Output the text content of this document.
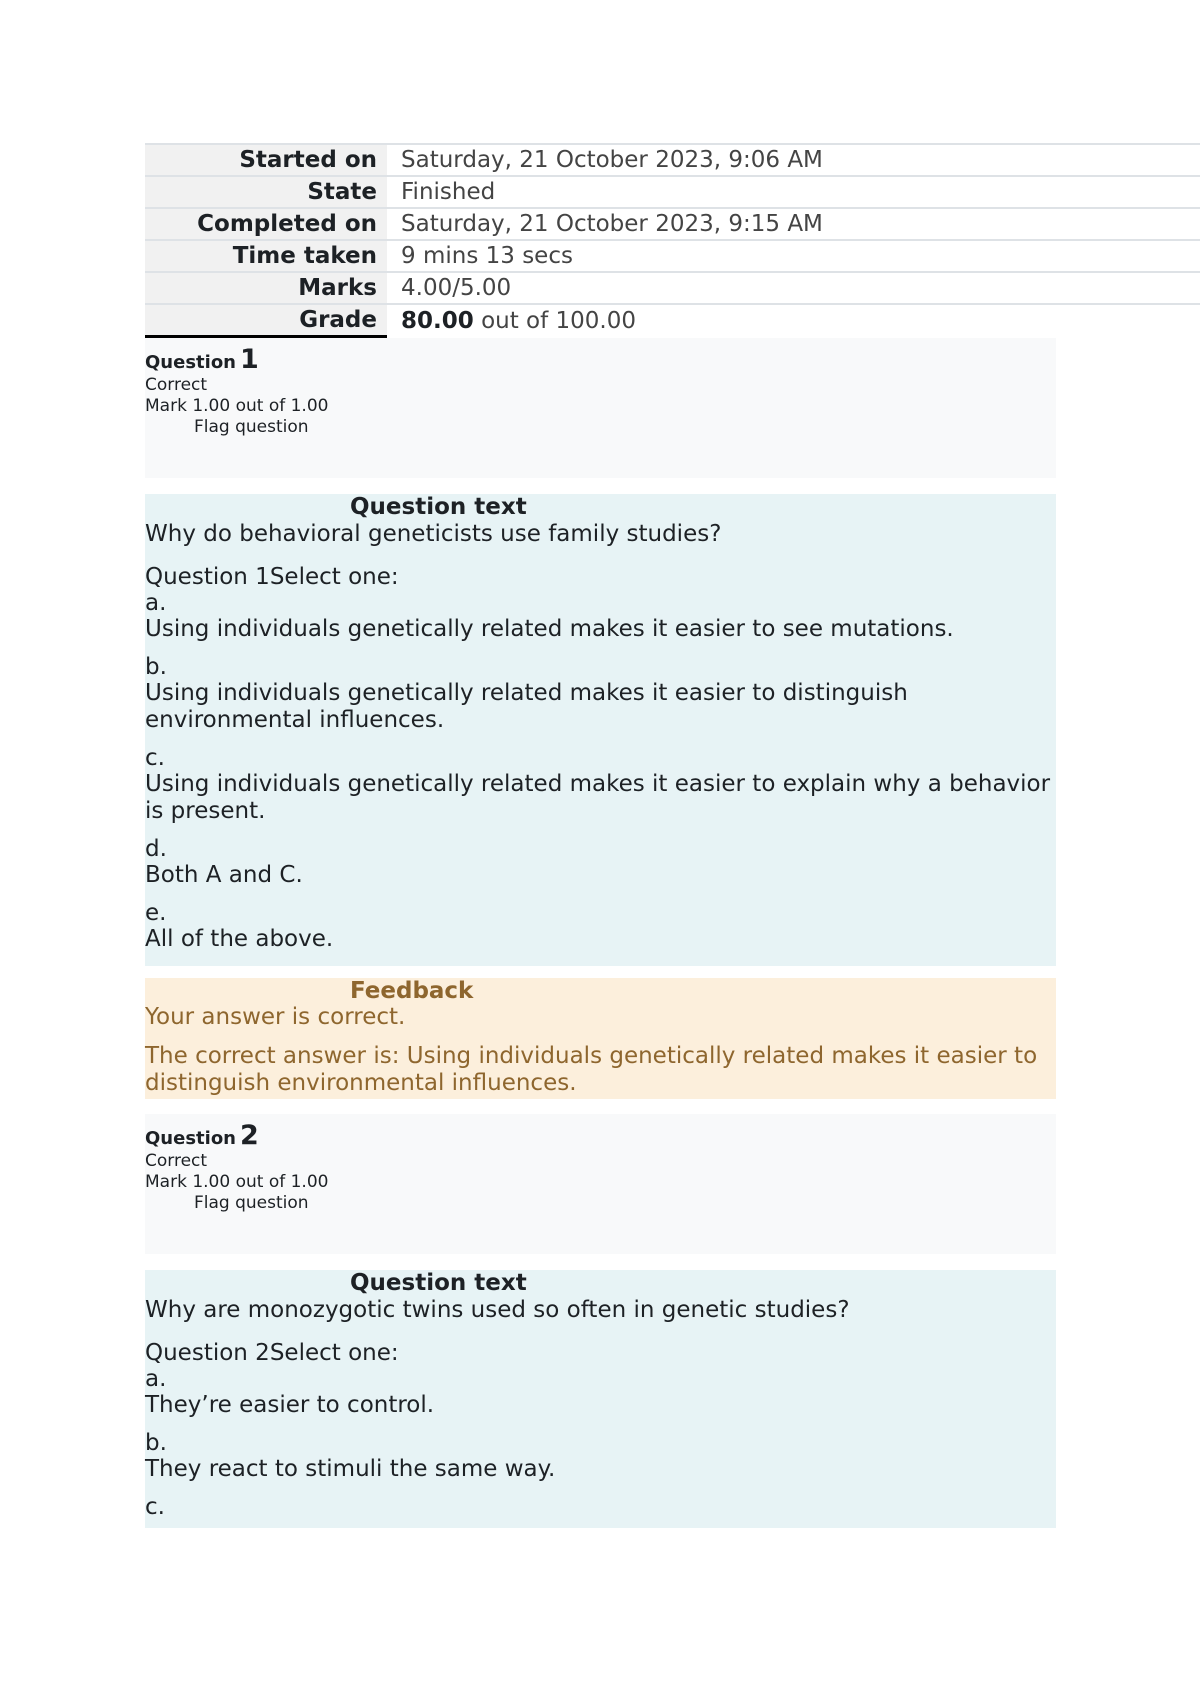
Started on	Saturday, 21 October 2023, 9:06 AM
State	Finished
Completed on	Saturday, 21 October 2023, 9:15 AM
Time taken	9 mins 13 secs
Marks	4.00/5.00
Grade	80.00 out of 100.00
Question 1
Correct
Mark 1.00 out of 1.00
Flag question
Question text
Why do behavioral geneticists use family studies?
Question 1Select one:
a.
Using individuals genetically related makes it easier to see mutations.
b.
Using individuals genetically related makes it easier to distinguish environmental influences.
c.
Using individuals genetically related makes it easier to explain why a behavior is present.
d.
Both A and C.
e.
All of the above.
Feedback

Your answer is correct.

The correct answer is: Using individuals genetically related makes it easier to distinguish environmental influences.

Question 2
Correct
Mark 1.00 out of 1.00
Flag question
Question text
Why are monozygotic twins used so often in genetic studies?
Question 2Select one:
a.
They’re easier to control.
b.
They react to stimuli the same way.
c.
